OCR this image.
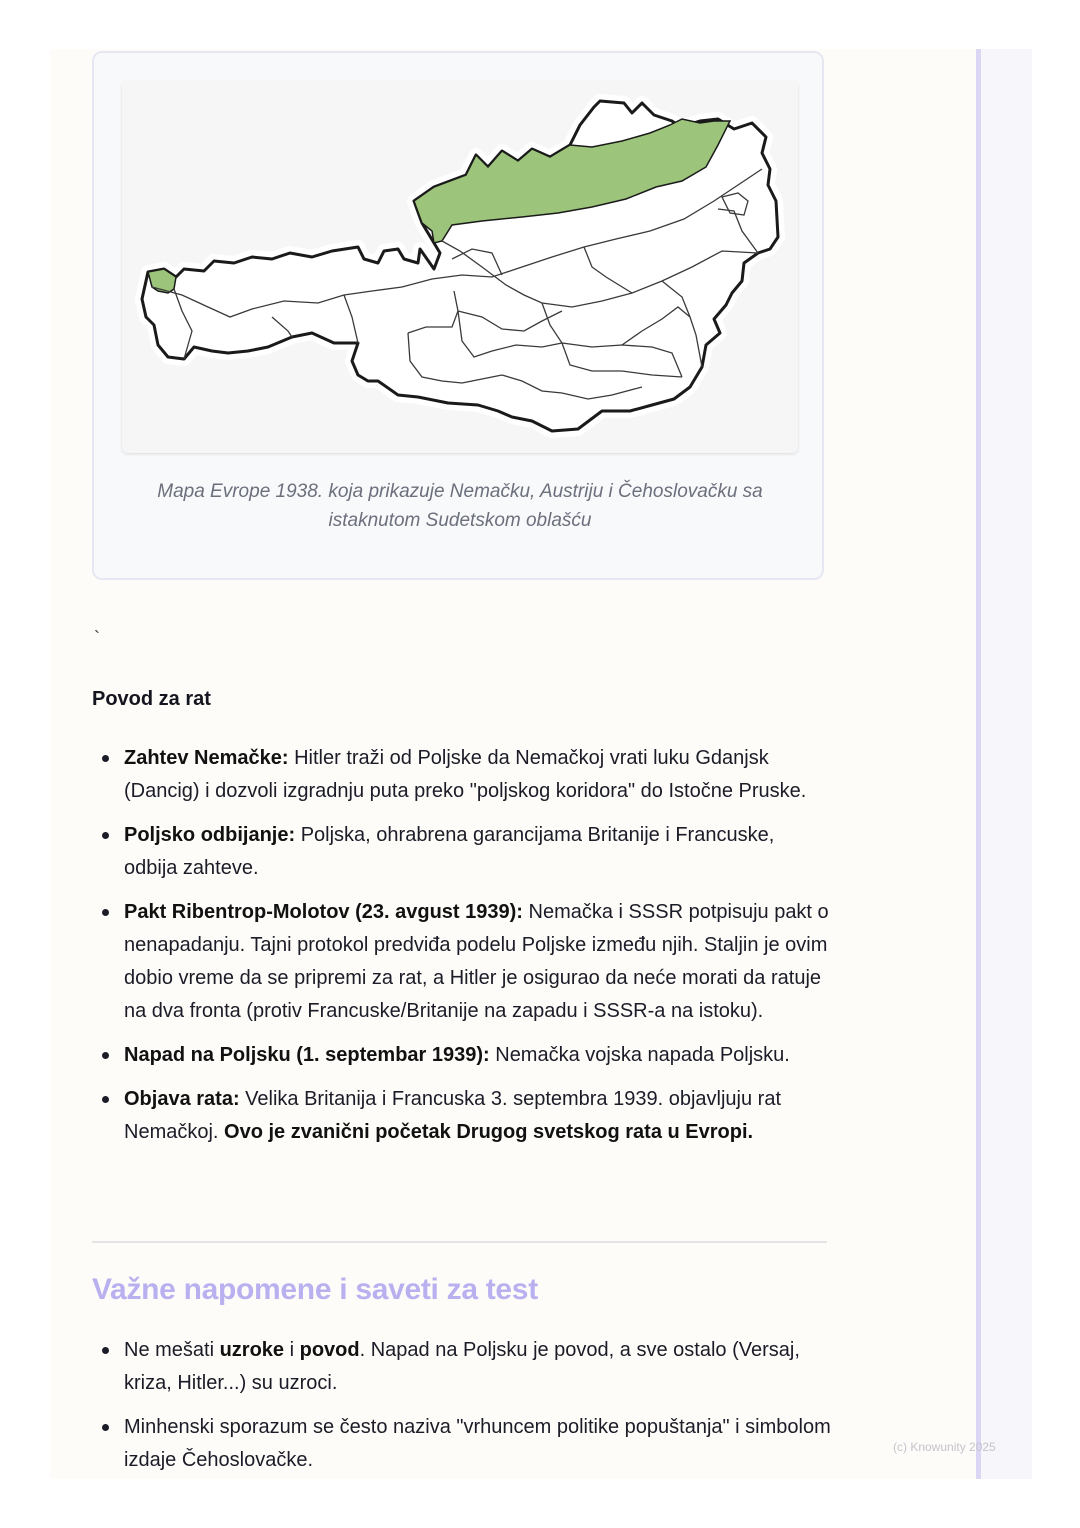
Mapa Evrope 1938. koja prikazuje Nemačku, Austriju i Čehoslovačku sa istaknutom Sudetskom oblašću
`
Povod za rat
Zahtev Nemačke: Hitler traži od Poljske da Nemačkoj vrati luku Gdanjsk (Dancig) i dozvoli izgradnju puta preko "poljskog koridora" do Istočne Pruske.
Poljsko odbijanje: Poljska, ohrabrena garancijama Britanije i Francuske, odbija zahteve.
Pakt Ribentrop-Molotov (23. avgust 1939): Nemačka i SSSR potpisuju pakt o nenapadanju. Tajni protokol predviđa podelu Poljske između njih. Staljin je ovim dobio vreme da se pripremi za rat, a Hitler je osigurao da neće morati da ratuje na dva fronta (protiv Francuske/Britanije na zapadu i SSSR-a na istoku).
Napad na Poljsku (1. septembar 1939): Nemačka vojska napada Poljsku.
Objava rata: Velika Britanija i Francuska 3. septembra 1939. objavljuju rat Nemačkoj. Ovo je zvanični početak Drugog svetskog rata u Evropi.
Važne napomene i saveti za test
Ne mešati uzroke i povod. Napad na Poljsku je povod, a sve ostalo (Versaj, kriza, Hitler...) su uzroci.
Minhenski sporazum se često naziva "vrhuncem politike popuštanja" i simbolom izdaje Čehoslovačke.
(c) Knowunity 2025
